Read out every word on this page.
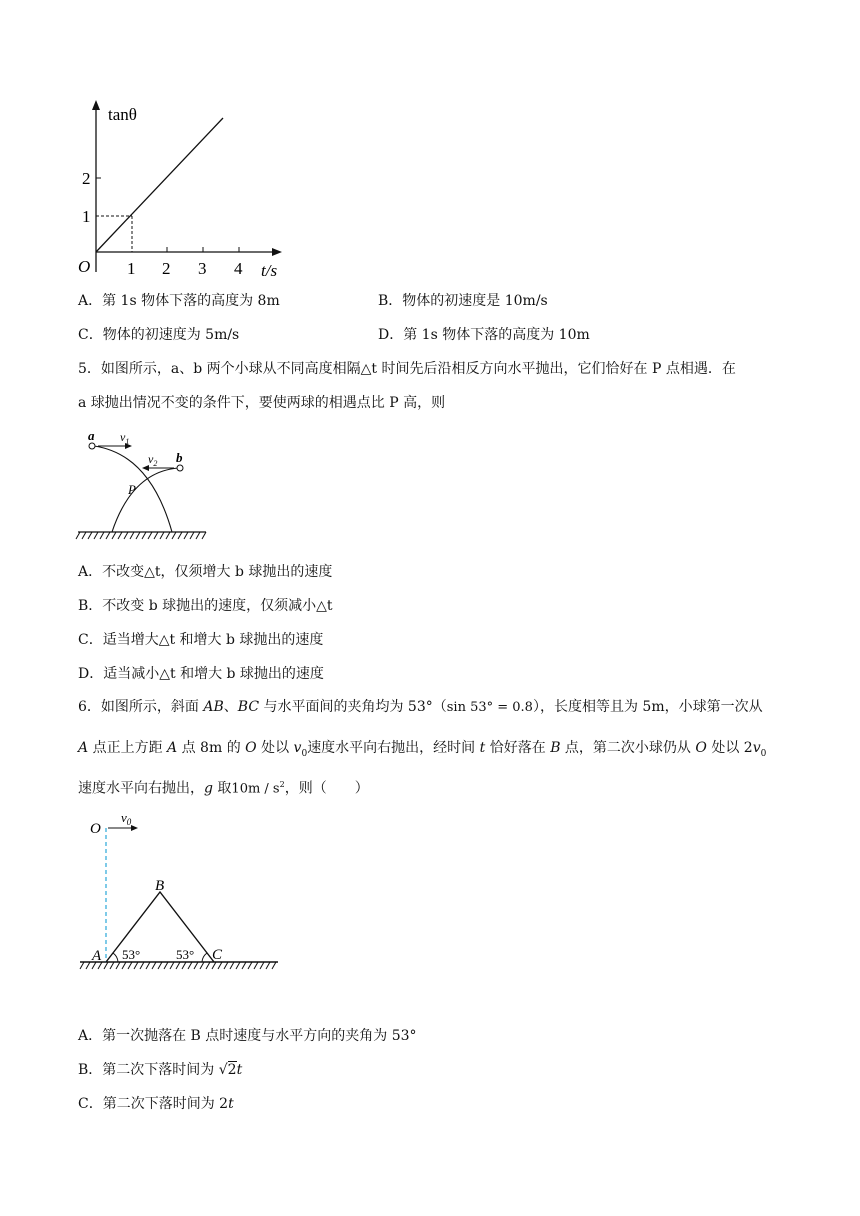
tanθ
t/s
O
2
1
1 2 3 4
A．第 1s 物体下落的高度为 8m	B．物体的初速度是 10m/s
C．物体的初速度为 5m/s	D．第 1s 物体下落的高度为 10m
5．如图所示，a、b 两个小球从不同高度相隔△t 时间先后沿相反方向水平抛出，它们恰好在 P 点相遇．在
a 球抛出情况不变的条件下，要使两球的相遇点比 P 高，则
a
b
$v_1$
$v_2$
P
A．不改变△t，仅须增大 b 球抛出的速度
B．不改变 b 球抛出的速度，仅须减小△t
C．适当增大△t 和增大 b 球抛出的速度
D．适当减小△t 和增大 b 球抛出的速度
6．如图所示，斜面 AB、BC 与水平面间的夹角均为 53°（sin 53° = 0.8），长度相等且为 5m，小球第一次从
A 点正上方距 A 点 8m 的 O 处以 $v_0$速度水平向右抛出，经时间 t 恰好落在 B 点，第二次小球仍从 O 处以 $2v_0$
速度水平向右抛出，g 取$10m / s^2$，则（　　）
O
$v_0$
B
A	C
53°	53°
A．第一次抛落在 B 点时速度与水平方向的夹角为 53°
B．第二次下落时间为 √2t
C．第二次下落时间为 2t
